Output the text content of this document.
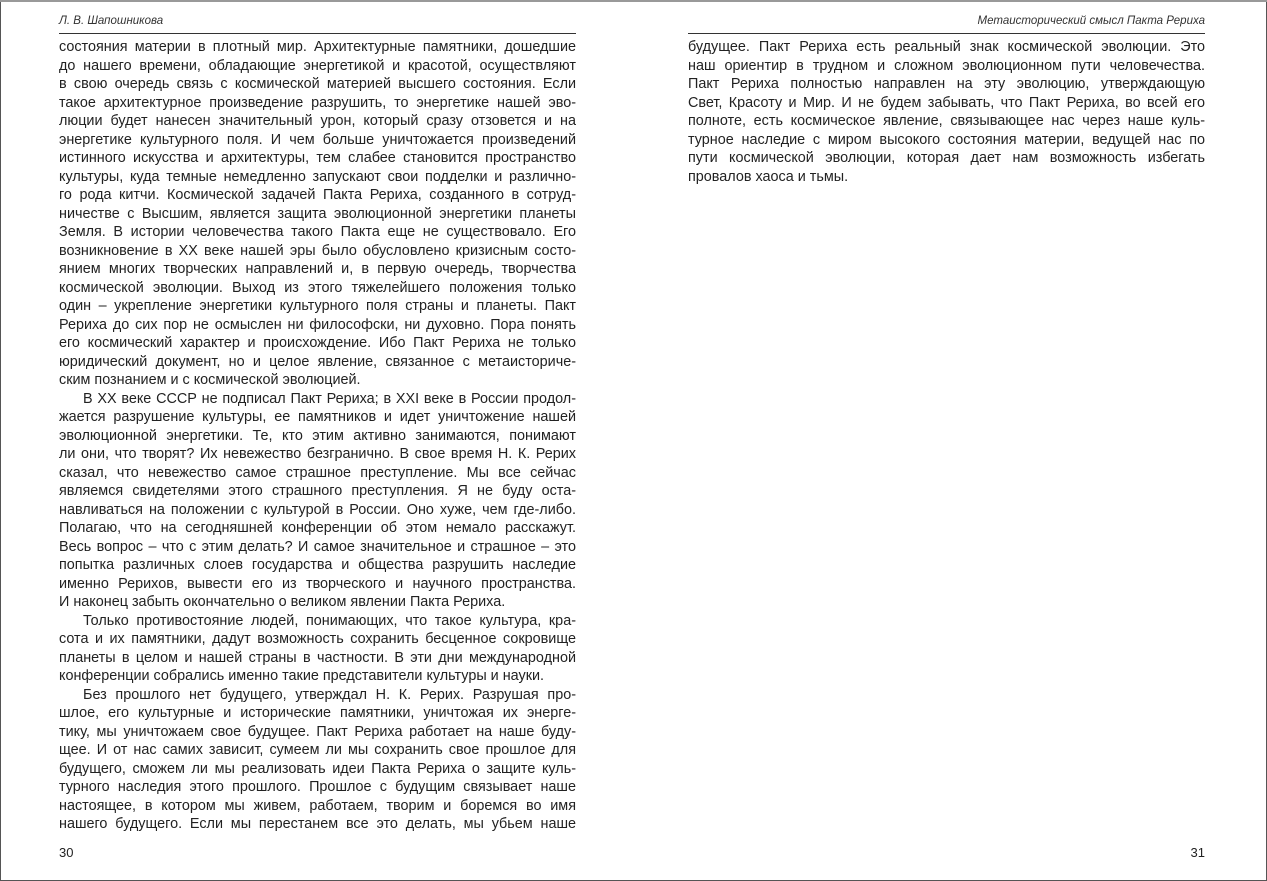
Л. В. Шапошникова
состояния материи в плотный мир. Архитектурные памятники, дошедшие
до нашего времени, обладающие энергетикой и красотой, осуществляют
в свою очередь связь с космической материей высшего состояния. Если
такое архитектурное произведение разрушить, то энергетике нашей эво-
люции будет нанесен значительный урон, который сразу отзовется и на
энергетике культурного поля. И чем больше уничтожается произведений
истинного искусства и архитектуры, тем слабее становится пространство
культуры, куда темные немедленно запускают свои подделки и различно-
го рода китчи. Космической задачей Пакта Рериха, созданного в сотруд-
ничестве с Высшим, является защита эволюционной энергетики планеты
Земля. В истории человечества такого Пакта еще не существовало. Его
возникновение в XX веке нашей эры было обусловлено кризисным состо-
янием многих творческих направлений и, в первую очередь, творчества
космической эволюции. Выход из этого тяжелейшего положения только
один – укрепление энергетики культурного поля страны и планеты. Пакт
Рериха до сих пор не осмыслен ни философски, ни духовно. Пора понять
его космический характер и происхождение. Ибо Пакт Рериха не только
юридический документ, но и целое явление, связанное с метаисториче-
ским познанием и с космической эволюцией.
В XX веке СССР не подписал Пакт Рериха; в XXI веке в России продол-
жается разрушение культуры, ее памятников и идет уничтожение нашей
эволюционной энергетики. Те, кто этим активно занимаются, понимают
ли они, что творят? Их невежество безгранично. В свое время Н. К. Рерих
сказал, что невежество самое страшное преступление. Мы все сейчас
являемся свидетелями этого страшного преступления. Я не буду оста-
навливаться на положении с культурой в России. Оно хуже, чем где-либо.
Полагаю, что на сегодняшней конференции об этом немало расскажут.
Весь вопрос – что с этим делать? И самое значительное и страшное – это
попытка различных слоев государства и общества разрушить наследие
именно Рерихов, вывести его из творческого и научного пространства.
И наконец забыть окончательно о великом явлении Пакта Рериха.
Только противостояние людей, понимающих, что такое культура, кра-
сота и их памятники, дадут возможность сохранить бесценное сокровище
планеты в целом и нашей страны в частности. В эти дни международной
конференции собрались именно такие представители культуры и науки.
Без прошлого нет будущего, утверждал Н. К. Рерих. Разрушая про-
шлое, его культурные и исторические памятники, уничтожая их энерге-
тику, мы уничтожаем свое будущее. Пакт Рериха работает на наше буду-
щее. И от нас самих зависит, сумеем ли мы сохранить свое прошлое для
будущего, сможем ли мы реализовать идеи Пакта Рериха о защите куль-
турного наследия этого прошлого. Прошлое с будущим связывает наше
настоящее, в котором мы живем, работаем, творим и боремся во имя
нашего будущего. Если мы перестанем все это делать, мы убьем наше
30
Метаисторический смысл Пакта Рериха
будущее. Пакт Рериха есть реальный знак космической эволюции. Это
наш ориентир в трудном и сложном эволюционном пути человечества.
Пакт Рериха полностью направлен на эту эволюцию, утверждающую
Свет, Красоту и Мир. И не будем забывать, что Пакт Рериха, во всей его
полноте, есть космическое явление, связывающее нас через наше куль-
турное наследие с миром высокого состояния материи, ведущей нас по
пути космической эволюции, которая дает нам возможность избегать
провалов хаоса и тьмы.
31
